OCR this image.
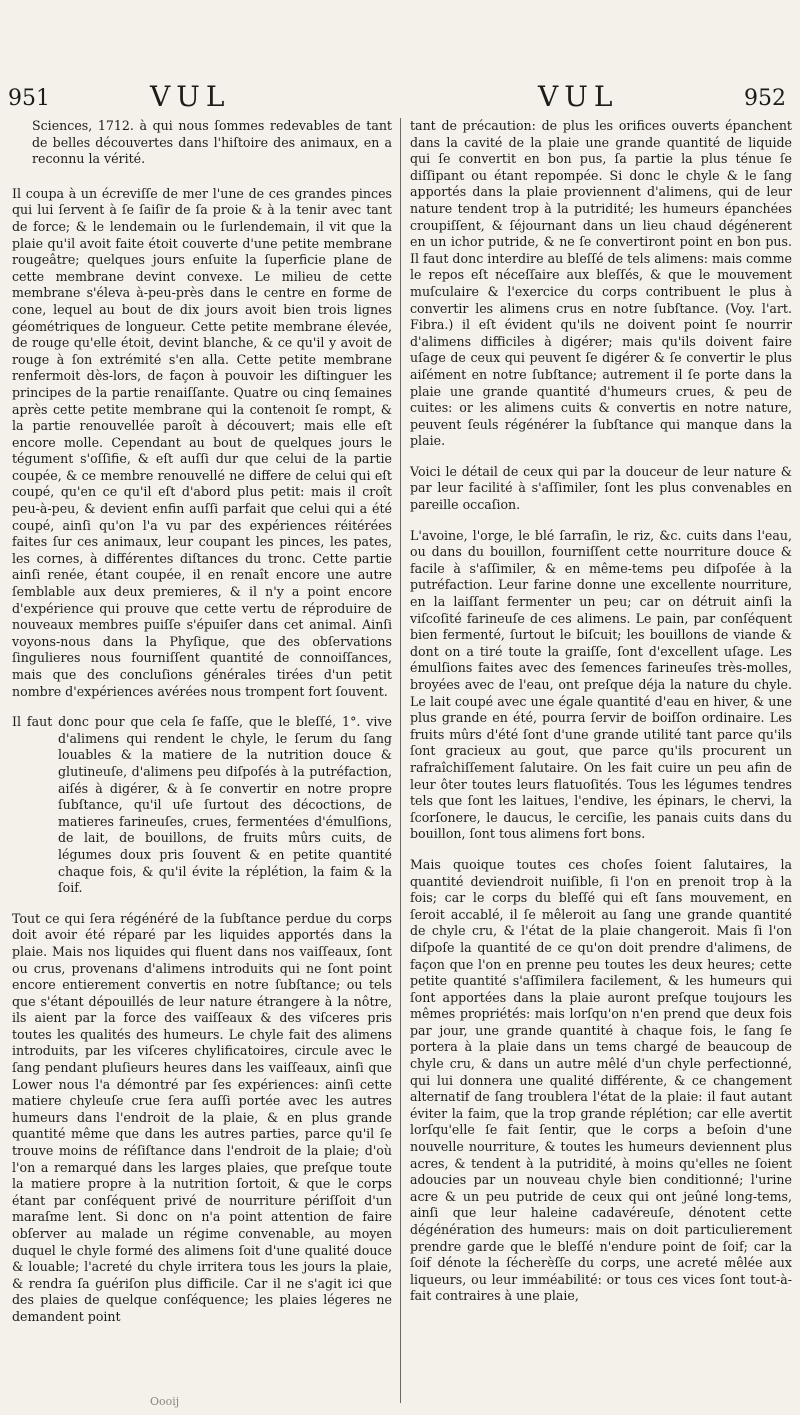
951	VUL	VUL	952

Sciences, 1712. à qui nous ſommes redevables de tant de belles découvertes dans l'hiſtoire des animaux, en a reconnu la vérité.

Il coupa à un écreviſſe de mer l'une de ces grandes pinces qui lui ſervent à ſe ſaiſir de ſa proie & à la tenir avec tant de force; & le lendemain ou le ſurlendemain, il vit que la plaie qu'il avoit faite étoit couverte d'une petite membrane rougeâtre; quelques jours enſuite la ſuperficie plane de cette membrane devint convexe. Le milieu de cette membrane s'éleva à-peu-près dans le centre en forme de cone, lequel au bout de dix jours avoit bien trois lignes géométriques de longueur. Cette petite membrane élevée, de rouge qu'elle étoit, devint blanche, & ce qu'il y avoit de rouge à ſon extrémité s'en alla. Cette petite membrane renfermoit dès-lors, de façon à pouvoir les diſtinguer les principes de la partie renaiſſante. Quatre ou cinq ſemaines après cette petite membrane qui la contenoit ſe rompt, & la partie renouvellée paroît à découvert; mais elle eſt encore molle. Cependant au bout de quelques jours le tégument s'oſſifie, & eſt auſſi dur que celui de la partie coupée, & ce membre renouvellé ne differe de celui qui eſt coupé, qu'en ce qu'il eſt d'abord plus petit: mais il croît peu-à-peu, & devient enfin auſſi parfait que celui qui a été coupé, ainſi qu'on l'a vu par des expériences réitérées faites ſur ces animaux, leur coupant les pinces, les pates, les cornes, à différentes diſtances du tronc. Cette partie ainſi renée, étant coupée, il en renaît encore une autre ſemblable aux deux premieres, & il n'y a point encore d'expérience qui prouve que cette vertu de réproduire de nouveaux membres puiſſe s'épuiſer dans cet animal. Ainſi voyons-nous dans la Phyſique, que des obſervations ſingulieres nous fourniſſent quantité de connoiſſances, mais que des concluſions générales tirées d'un petit nombre d'expériences avérées nous trompent fort ſouvent.

Il faut donc pour que cela ſe faſſe, que le bleſſé, 1°. vive d'alimens qui rendent le chyle, le ſerum du ſang louables & la matiere de la nutrition douce & glutineuſe, d'alimens peu diſpoſés à la putréfaction, aiſés à digérer, & à ſe convertir en notre propre ſubſtance, qu'il uſe ſurtout des décoctions, de matieres farineuſes, crues, fermentées d'émulſions, de lait, de bouillons, de fruits mûrs cuits, de légumes doux pris ſouvent & en petite quantité chaque fois, & qu'il évite la réplétion, la faim & la ſoif.

Tout ce qui ſera régénéré de la ſubſtance perdue du corps doit avoir été réparé par les liquides apportés dans la plaie. Mais nos liquides qui fluent dans nos vaiſſeaux, ſont ou crus, provenans d'alimens introduits qui ne ſont point encore entierement convertis en notre ſubſtance; ou tels que s'étant dépouillés de leur nature étrangere à la nôtre, ils aient par la force des vaiſſeaux & des viſceres pris toutes les qualités des humeurs. Le chyle fait des alimens introduits, par les viſceres chylificatoires, circule avec le ſang pendant pluſieurs heures dans les vaiſſeaux, ainſi que Lower nous l'a démontré par ſes expériences: ainſi cette matiere chyleuſe crue ſera auſſi portée avec les autres humeurs dans l'endroit de la plaie, & en plus grande quantité même que dans les autres parties, parce qu'il ſe trouve moins de réſiſtance dans l'endroit de la plaie; d'où l'on a remarqué dans les larges plaies, que preſque toute la matiere propre à la nutrition ſortoit, & que le corps étant par conſéquent privé de nourriture périſſoit d'un maraſme lent. Si donc on n'a point attention de faire obſerver au malade un régime convenable, au moyen duquel le chyle formé des alimens ſoit d'une qualité douce & louable; l'acreté du chyle irritera tous les jours la plaie, & rendra ſa guériſon plus difficile. Car il ne s'agit ici que des plaies de quelque conſéquence; les plaies légeres ne demandent point

tant de précaution: de plus les orifices ouverts épanchent dans la cavité de la plaie une grande quantité de liquide qui ſe convertit en bon pus, ſa partie la plus ténue ſe diſſipant ou étant repompée. Si donc le chyle & le ſang apportés dans la plaie proviennent d'alimens, qui de leur nature tendent trop à la putridité; les humeurs épanchées croupiſſent, & ſéjournant dans un lieu chaud dégénerent en un ichor putride, & ne ſe convertiront point en bon pus. Il faut donc interdire au bleſſé de tels alimens: mais comme le repos eſt néceſſaire aux bleſſés, & que le mouvement muſculaire & l'exercice du corps contribuent le plus à convertir les alimens crus en notre ſubſtance. (Voy. l'art. Fibra.) il eſt évident qu'ils ne doivent point ſe nourrir d'alimens difficiles à digérer; mais qu'ils doivent faire uſage de ceux qui peuvent ſe digérer & ſe convertir le plus aiſément en notre ſubſtance; autrement il ſe porte dans la plaie une grande quantité d'humeurs crues, & peu de cuites: or les alimens cuits & convertis en notre nature, peuvent ſeuls régénérer la ſubſtance qui manque dans la plaie.

Voici le détail de ceux qui par la douceur de leur nature & par leur facilité à s'aſſimiler, ſont les plus convenables en pareille occaſion.

L'avoine, l'orge, le blé ſarraſin, le riz, &c. cuits dans l'eau, ou dans du bouillon, fourniſſent cette nourriture douce & facile à s'aſſimiler, & en même-tems peu diſpoſée à la putréfaction. Leur farine donne une excellente nourriture, en la laiſſant fermenter un peu; car on détruit ainſi la viſcoſité farineuſe de ces alimens. Le pain, par conſéquent bien fermenté, ſurtout le biſcuit; les bouillons de viande & dont on a tiré toute la graiſſe, ſont d'excellent uſage. Les émulſions faites avec des ſemences farineuſes très-molles, broyées avec de l'eau, ont preſque déja la nature du chyle. Le lait coupé avec une égale quantité d'eau en hiver, & une plus grande en été, pourra ſervir de boiſſon ordinaire. Les fruits mûrs d'été ſont d'une grande utilité tant parce qu'ils ſont gracieux au gout, que parce qu'ils procurent un rafraîchiſſement ſalutaire. On les fait cuire un peu afin de leur ôter toutes leurs flatuoſités. Tous les légumes tendres tels que ſont les laitues, l'endive, les épinars, le chervi, la ſcorſonere, le daucus, le cerciſie, les panais cuits dans du bouillon, ſont tous alimens fort bons.

Mais quoique toutes ces choſes ſoient ſalutaires, la quantité deviendroit nuiſible, ſi l'on en prenoit trop à la fois; car le corps du bleſſé qui eſt ſans mouvement, en ſeroit accablé, il ſe mêleroit au ſang une grande quantité de chyle cru, & l'état de la plaie changeroit. Mais ſi l'on diſpoſe la quantité de ce qu'on doit prendre d'alimens, de façon que l'on en prenne peu toutes les deux heures; cette petite quantité s'aſſimilera facilement, & les humeurs qui ſont apportées dans la plaie auront preſque toujours les mêmes propriétés: mais lorſqu'on n'en prend que deux fois par jour, une grande quantité à chaque fois, le ſang ſe portera à la plaie dans un tems chargé de beaucoup de chyle cru, & dans un autre mêlé d'un chyle perfectionné, qui lui donnera une qualité différente, & ce changement alternatif de ſang troublera l'état de la plaie: il faut autant éviter la faim, que la trop grande réplétion; car elle avertit lorſqu'elle ſe fait ſentir, que le corps a beſoin d'une nouvelle nourriture, & toutes les humeurs deviennent plus acres, & tendent à la putridité, à moins qu'elles ne ſoient adoucies par un nouveau chyle bien conditionné; l'urine acre & un peu putride de ceux qui ont jeûné long-tems, ainſi que leur haleine cadavéreuſe, dénotent cette dégénération des humeurs: mais on doit particulierement prendre garde que le bleſſé n'endure point de ſoif; car la ſoif dénote la ſécherèſſe du corps, une acreté mêlée aux liqueurs, ou leur imméabilité: or tous ces vices ſont tout-à-fait contraires à une plaie,

Oooij
